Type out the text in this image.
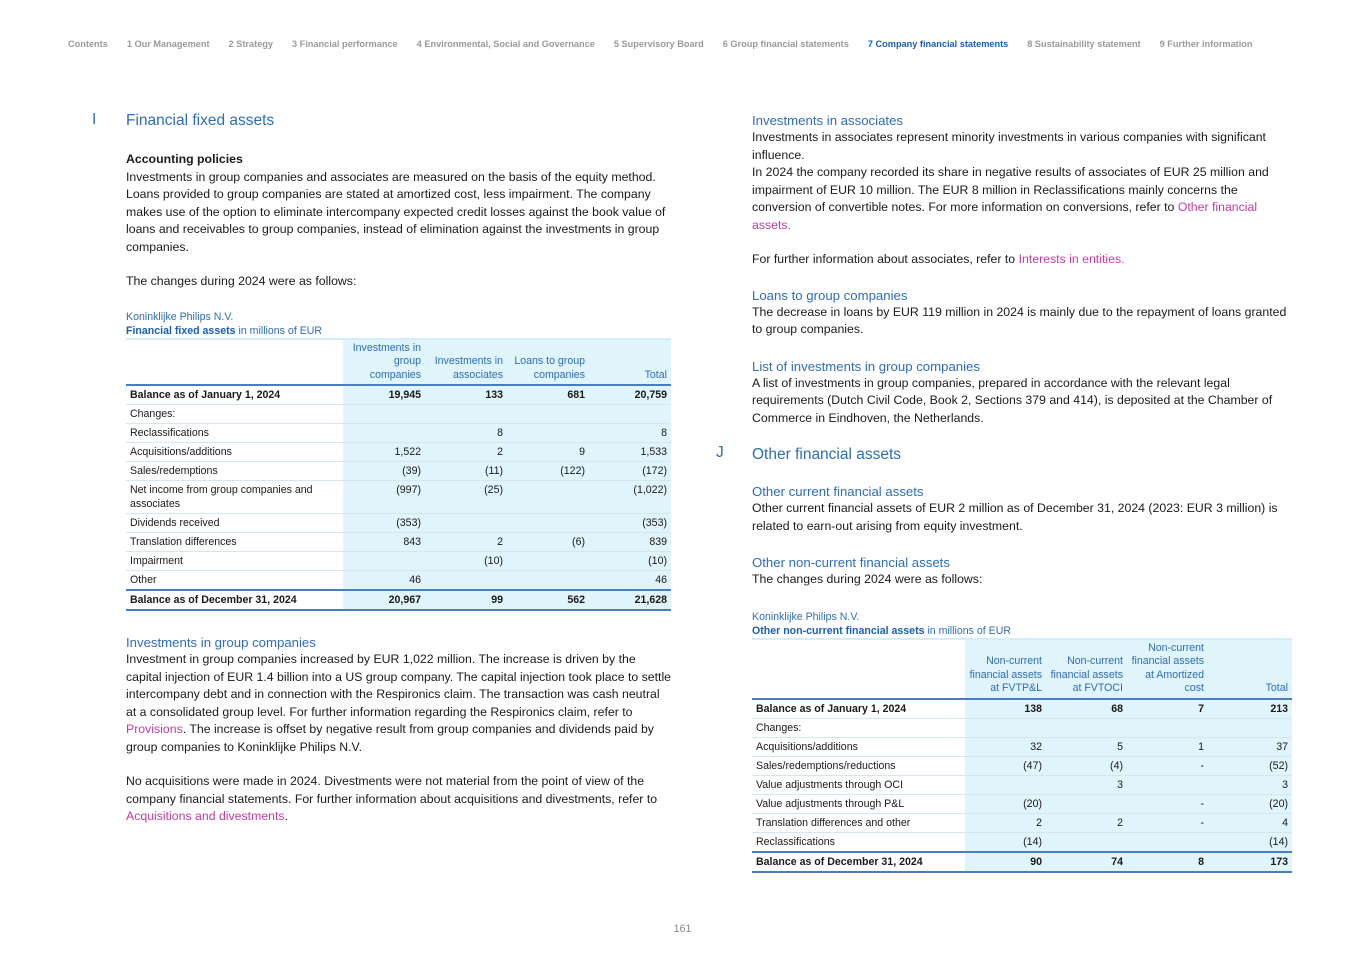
Contents 1 Our Management 2 Strategy 3 Financial performance 4 Environmental, Social and Governance 5 Supervisory Board 6 Group financial statements 7 Company financial statements 8 Sustainability statement 9 Further information
I Financial fixed assets
Accounting policies

Investments in group companies and associates are measured on the basis of the equity method. Loans provided to group companies are stated at amortized cost, less impairment. The company makes use of the option to eliminate intercompany expected credit losses against the book value of loans and receivables to group companies, instead of elimination against the investments in group companies.

The changes during 2024 were as follows:

Koninklijke Philips N.V.
Financial fixed assets in millions of EUR
	Investments in group companies	Investments in associates	Loans to group companies	Total
Balance as of January 1, 2024	19,945	133	681	20,759
Changes:				
Reclassifications		8		8
Acquisitions/additions	1,522	2	9	1,533
Sales/redemptions	(39)	(11)	(122)	(172)
Net income from group companies and associates	(997)	(25)		(1,022)
Dividends received	(353)			(353)
Translation differences	843	2	(6)	839
Impairment		(10)		(10)
Other	46			46
Balance as of December 31, 2024	20,967	99	562	21,628
Investments in group companies

Investment in group companies increased by EUR 1,022 million. The increase is driven by the capital injection of EUR 1.4 billion into a US group company. The capital injection took place to settle intercompany debt and in connection with the Respironics claim. The transaction was cash neutral at a consolidated group level. For further information regarding the Respironics claim, refer to Provisions. The increase is offset by negative result from group companies and dividends paid by group companies to Koninklijke Philips N.V.

No acquisitions were made in 2024. Divestments were not material from the point of view of the company financial statements. For further information about acquisitions and divestments, refer to Acquisitions and divestments.

Investments in associates

Investments in associates represent minority investments in various companies with significant influence.

In 2024 the company recorded its share in negative results of associates of EUR 25 million and impairment of EUR 10 million. The EUR 8 million in Reclassifications mainly concerns the conversion of convertible notes. For more information on conversions, refer to Other financial assets.

For further information about associates, refer to Interests in entities.

Loans to group companies

The decrease in loans by EUR 119 million in 2024 is mainly due to the repayment of loans granted to group companies.

List of investments in group companies

A list of investments in group companies, prepared in accordance with the relevant legal requirements (Dutch Civil Code, Book 2, Sections 379 and 414), is deposited at the Chamber of Commerce in Eindhoven, the Netherlands.

J Other financial assets
Other current financial assets

Other current financial assets of EUR 2 million as of December 31, 2024 (2023: EUR 3 million) is related to earn-out arising from equity investment.

Other non-current financial assets

The changes during 2024 were as follows:

Koninklijke Philips N.V.
Other non-current financial assets in millions of EUR
	Non-current financial assets at FVTP&L	Non-current financial assets at FVTOCI	Non-current financial assets at Amortized cost	Total
Balance as of January 1, 2024	138	68	7	213
Changes:				
Acquisitions/additions	32	5	1	37
Sales/redemptions/reductions	(47)	(4)	-	(52)
Value adjustments through OCI		3		3
Value adjustments through P&L	(20)		-	(20)
Translation differences and other	2	2	-	4
Reclassifications	(14)			(14)
Balance as of December 31, 2024	90	74	8	173
161
